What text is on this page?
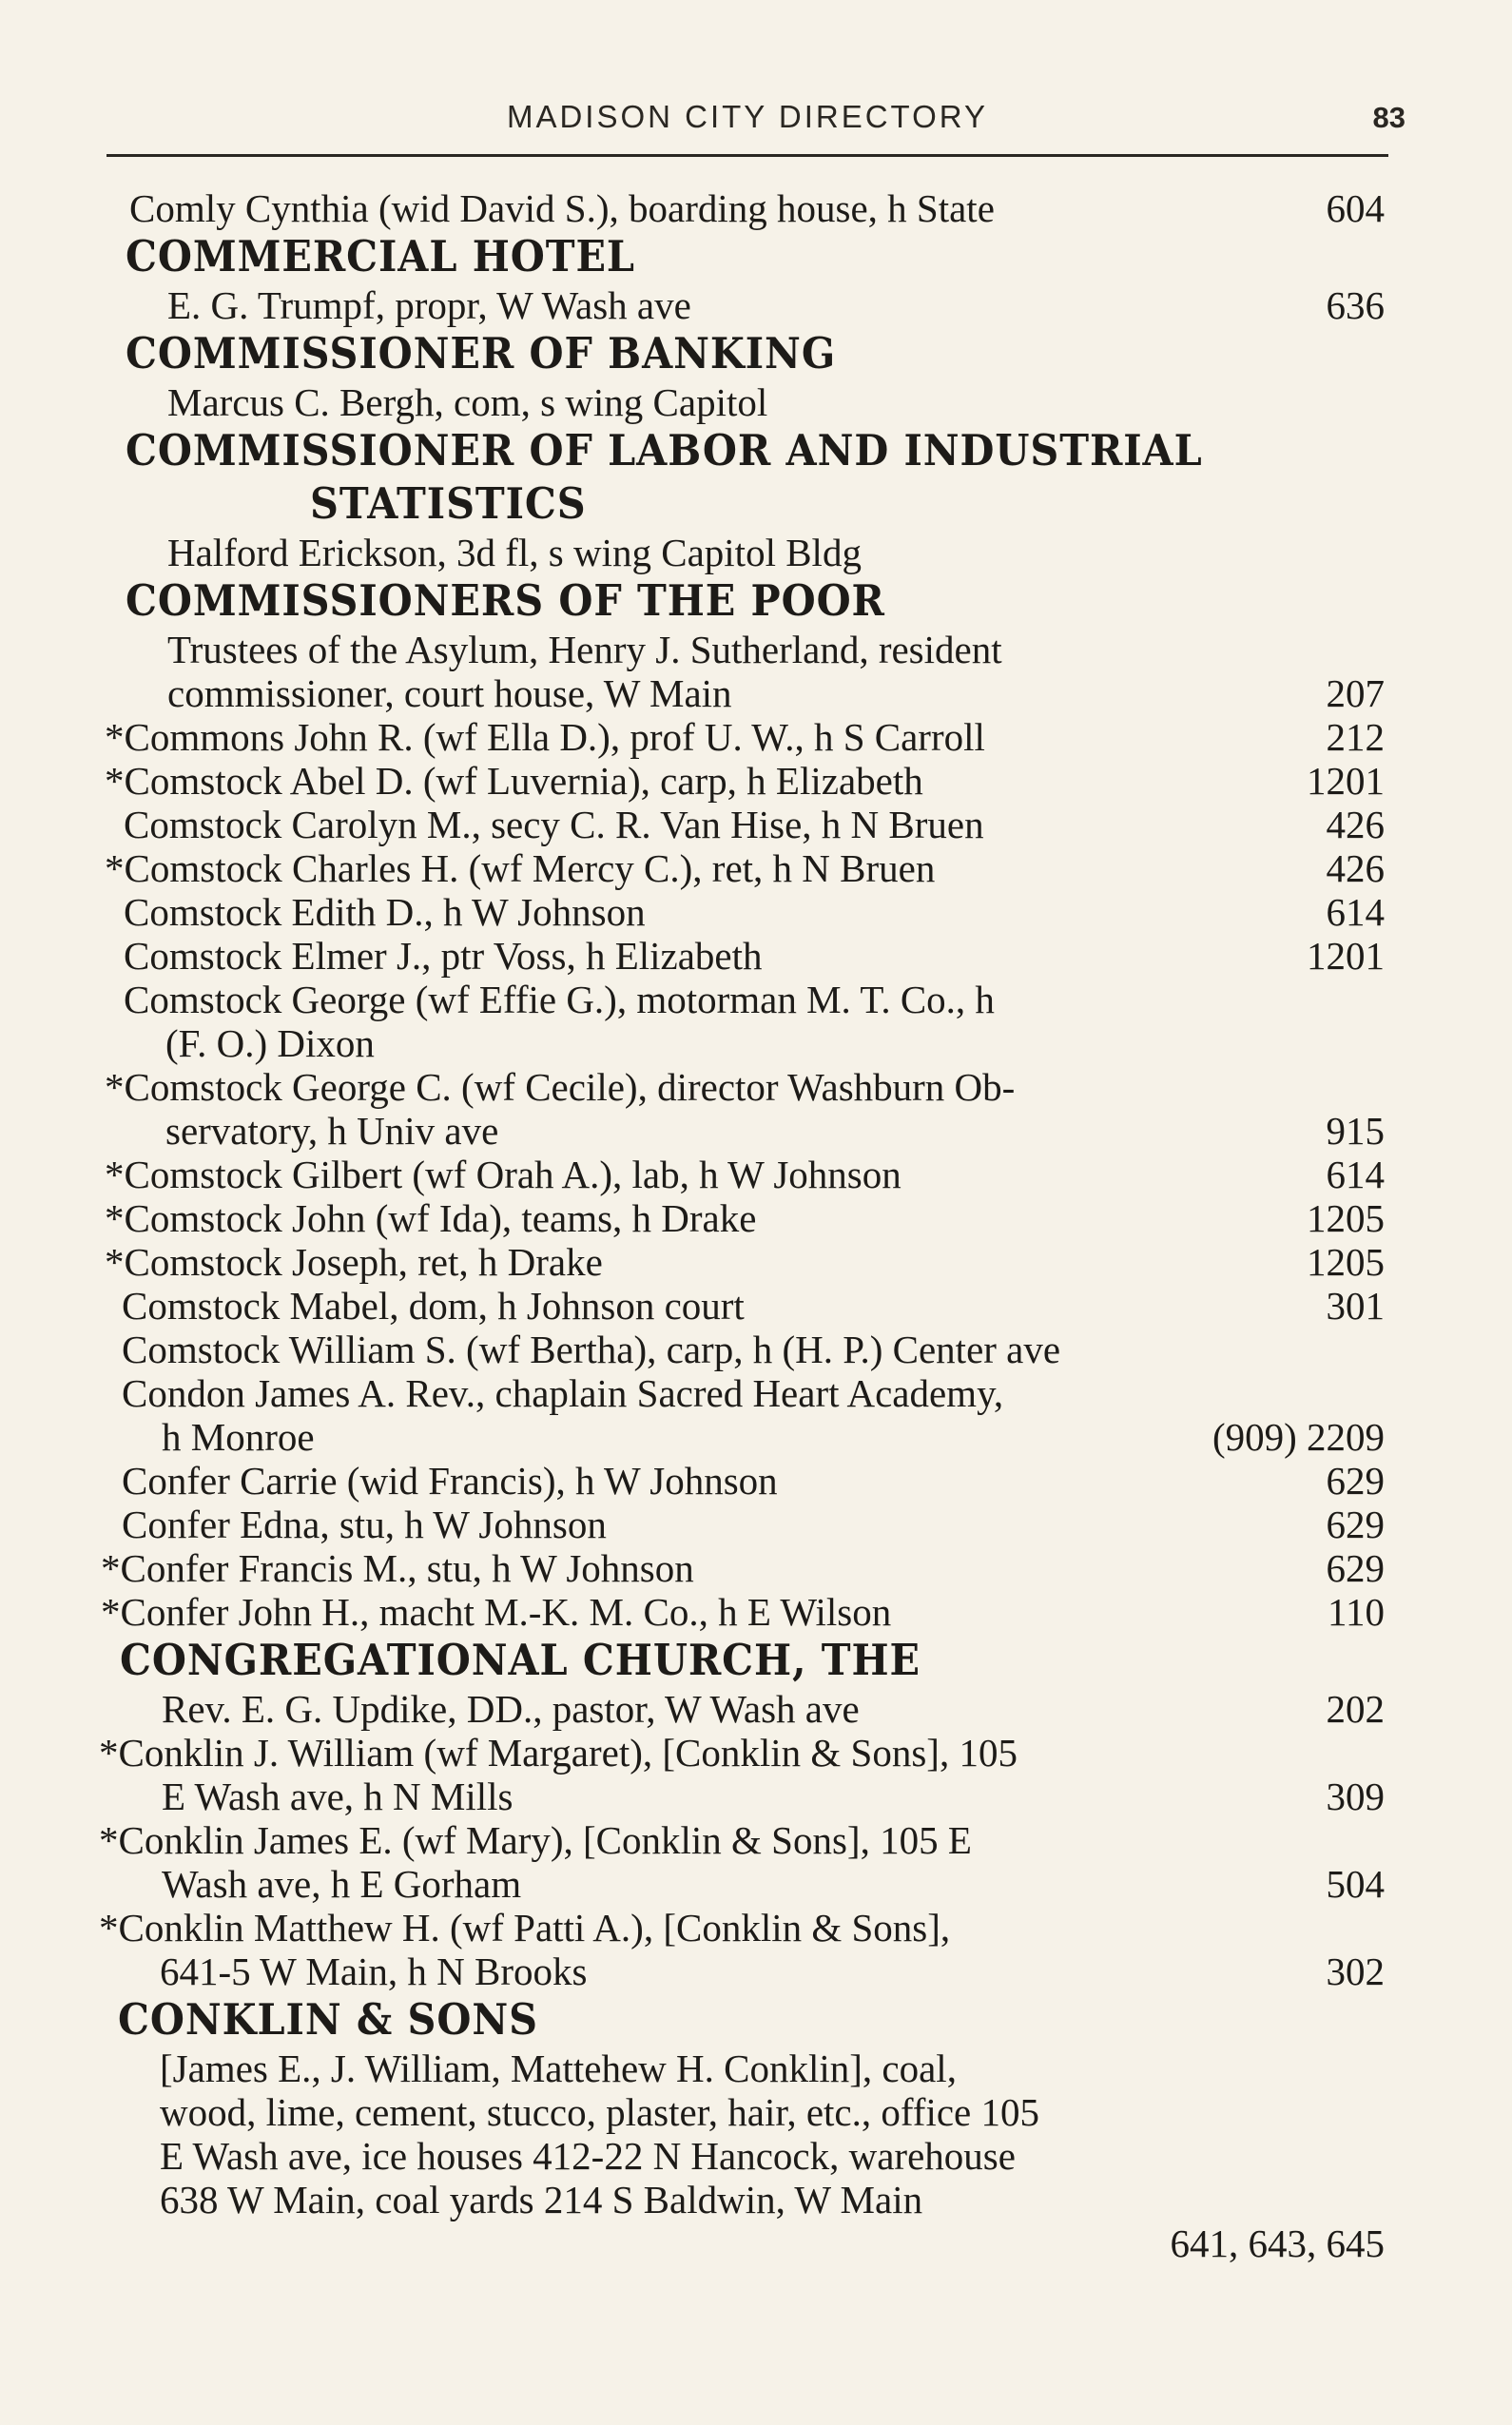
MADISON CITY DIRECTORY	83
Comly Cynthia (wid David S.), boarding house, h State	604
COMMERCIAL HOTEL
E. G. Trumpf, propr, W Wash ave	636
COMMISSIONER OF BANKING
Marcus C. Bergh, com, s wing Capitol
COMMISSIONER OF LABOR AND INDUSTRIAL
STATISTICS
Halford Erickson, 3d fl, s wing Capitol Bldg
COMMISSIONERS OF THE POOR
Trustees of the Asylum, Henry J. Sutherland, resident
commissioner, court house, W Main	207
*Commons John R. (wf Ella D.), prof U. W., h S Carroll	212
*Comstock Abel D. (wf Luvernia), carp, h Elizabeth	1201
Comstock Carolyn M., secy C. R. Van Hise, h N Bruen	426
*Comstock Charles H. (wf Mercy C.), ret, h N Bruen	426
Comstock Edith D., h W Johnson	614
Comstock Elmer J., ptr Voss, h Elizabeth	1201
Comstock George (wf Effie G.), motorman M. T. Co., h
(F. O.) Dixon
*Comstock George C. (wf Cecile), director Washburn Ob-
servatory, h Univ ave	915
*Comstock Gilbert (wf Orah A.), lab, h W Johnson	614
*Comstock John (wf Ida), teams, h Drake	1205
*Comstock Joseph, ret, h Drake	1205
Comstock Mabel, dom, h Johnson court	301
Comstock William S. (wf Bertha), carp, h (H. P.) Center ave
Condon James A. Rev., chaplain Sacred Heart Academy,
h Monroe	(909) 2209
Confer Carrie (wid Francis), h W Johnson	629
Confer Edna, stu, h W Johnson	629
*Confer Francis M., stu, h W Johnson	629
*Confer John H., macht M.-K. M. Co., h E Wilson	110
CONGREGATIONAL CHURCH, THE
Rev. E. G. Updike, DD., pastor, W Wash ave	202
*Conklin J. William (wf Margaret), [Conklin & Sons], 105
E Wash ave, h N Mills	309
*Conklin James E. (wf Mary), [Conklin & Sons], 105 E
Wash ave, h E Gorham	504
*Conklin Matthew H. (wf Patti A.), [Conklin & Sons],
641-5 W Main, h N Brooks	302
CONKLIN & SONS
[James E., J. William, Mattehew H. Conklin], coal,
wood, lime, cement, stucco, plaster, hair, etc., office 105
E Wash ave, ice houses 412-22 N Hancock, warehouse
638 W Main, coal yards 214 S Baldwin, W Main
641, 643, 645
